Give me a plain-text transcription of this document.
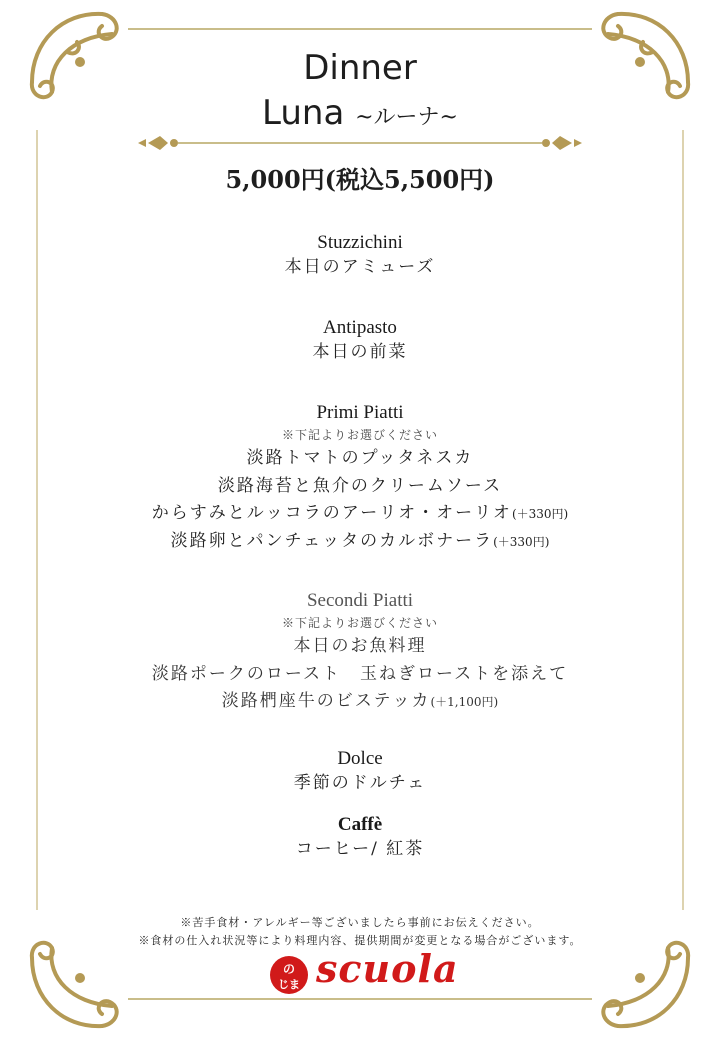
Dinner
Luna ~ルーナ~
5,000円(税込5,500円)
Stuzzichini
本日のアミューズ
Antipasto
本日の前菜
Primi Piatti
※下記よりお選びください
淡路トマトのプッタネスカ
淡路海苔と魚介のクリームソース
からすみとルッコラのアーリオ・オーリオ(＋330円)
淡路卵とパンチェッタのカルボナーラ(＋330円)
Secondi Piatti
※下記よりお選びください
本日のお魚料理
淡路ポークのロースト　玉ねぎローストを添えて
淡路椚座牛のビステッカ(＋1,100円)
Dolce
季節のドルチェ
Caffè
コーヒー/ 紅茶
※苦手食材・アレルギー等ございましたら事前にお伝えください。
※食材の仕入れ状況等により料理内容、提供期間が変更となる場合がございます。
の
じま scuola
